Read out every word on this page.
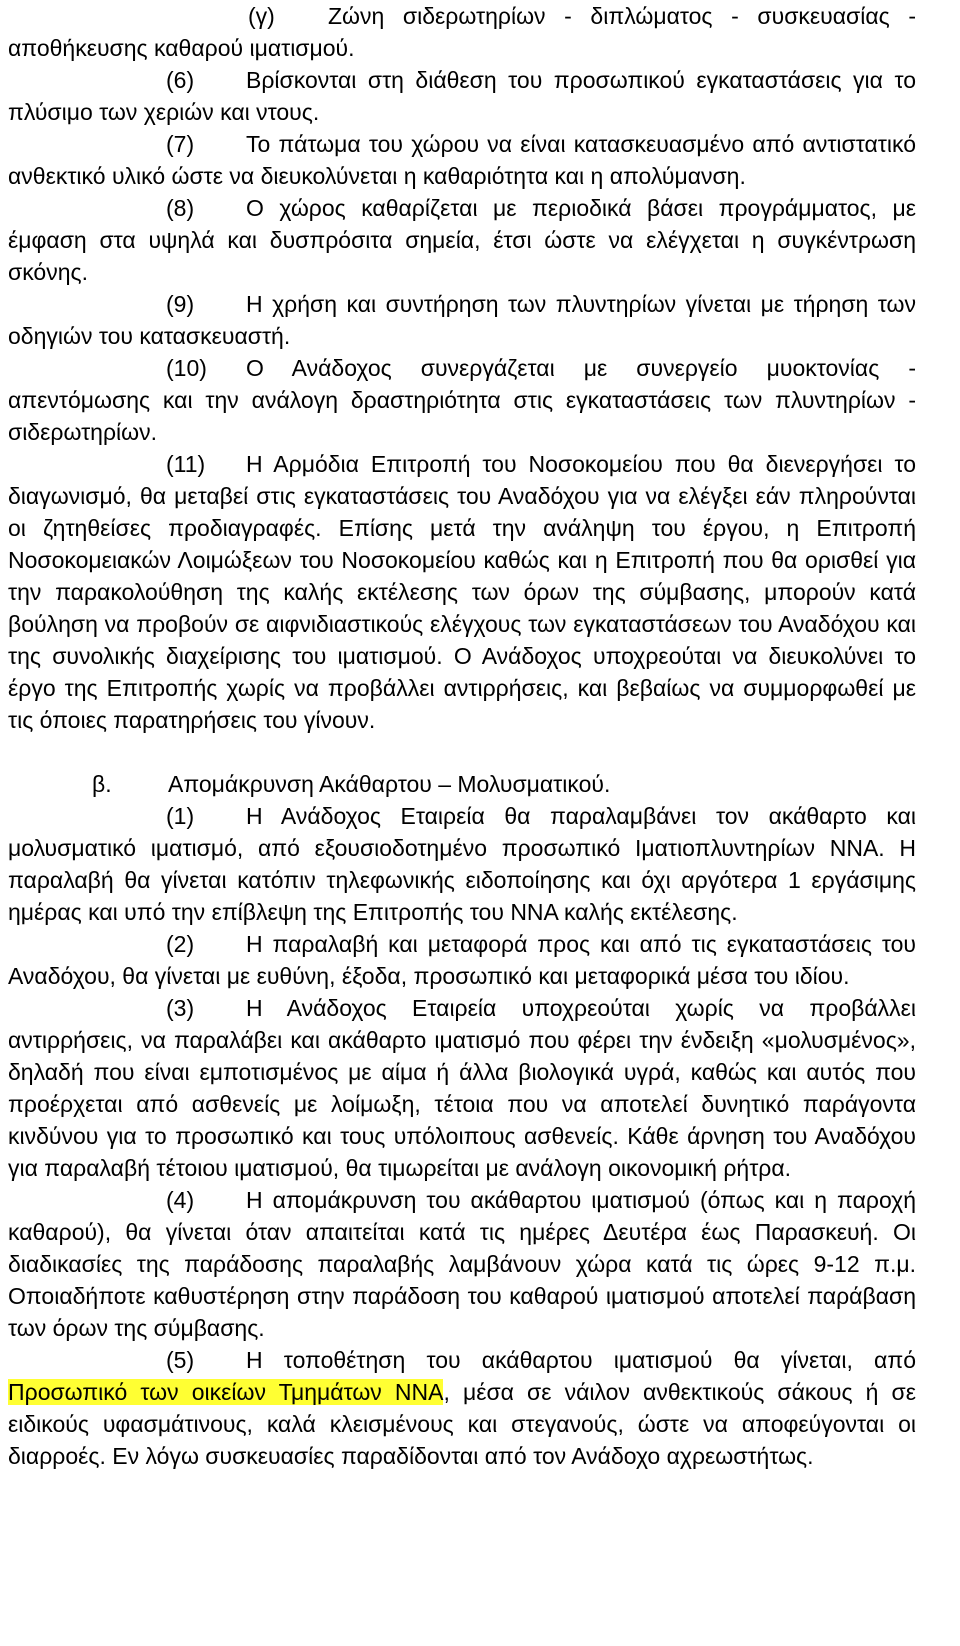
(γ) Ζώνη σιδερωτηρίων - διπλώματος - συσκευασίας - αποθήκευσης καθαρού ιματισμού.

(6) Βρίσκονται στη διάθεση του προσωπικού εγκαταστάσεις για το πλύσιμο των χεριών και ντους.

(7) Το πάτωμα του χώρου να είναι κατασκευασμένο από αντιστατικό ανθεκτικό υλικό ώστε να διευκολύνεται η καθαριότητα και η απολύμανση.

(8) Ο χώρος καθαρίζεται με περιοδικά βάσει προγράμματος, με έμφαση στα υψηλά και δυσπρόσιτα σημεία, έτσι ώστε να ελέγχεται η συγκέντρωση σκόνης.

(9) Η χρήση και συντήρηση των πλυντηρίων γίνεται με τήρηση των οδηγιών του κατασκευαστή.

(10) Ο Ανάδοχος συνεργάζεται με συνεργείο μυοκτονίας - απεντόμωσης και την ανάλογη δραστηριότητα στις εγκαταστάσεις των πλυντηρίων - σιδερωτηρίων.

(11) Η Αρμόδια Επιτροπή του Νοσοκομείου που θα διενεργήσει το διαγωνισμό, θα μεταβεί στις εγκαταστάσεις του Αναδόχου για να ελέγξει εάν πληρούνται οι ζητηθείσες προδιαγραφές. Επίσης μετά την ανάληψη του έργου, η Επιτροπή Νοσοκομειακών Λοιμώξεων του Νοσοκομείου καθώς και η Επιτροπή που θα ορισθεί για την παρακολούθηση της καλής εκτέλεσης των όρων της σύμβασης, μπορούν κατά βούληση να προβούν σε αιφνιδιαστικούς ελέγχους των εγκαταστάσεων του Αναδόχου και της συνολικής διαχείρισης του ιματισμού. Ο Ανάδοχος υποχρεούται να διευκολύνει το έργο της Επιτροπής χωρίς να προβάλλει αντιρρήσεις, και βεβαίως να συμμορφωθεί με τις όποιες παρατηρήσεις του γίνουν.

β. Απομάκρυνση Ακάθαρτου – Μολυσματικού.

(1) Η Ανάδοχος Εταιρεία θα παραλαμβάνει τον ακάθαρτο και μολυσματικό ιματισμό, από εξουσιοδοτημένο προσωπικό Ιματιοπλυντηρίων ΝΝΑ. Η παραλαβή θα γίνεται κατόπιν τηλεφωνικής ειδοποίησης και όχι αργότερα 1 εργάσιμης ημέρας και υπό την επίβλεψη της Επιτροπής του ΝΝΑ καλής εκτέλεσης.

(2) Η παραλαβή και μεταφορά προς και από τις εγκαταστάσεις του Αναδόχου, θα γίνεται με ευθύνη, έξοδα, προσωπικό και μεταφορικά μέσα του ιδίου.

(3) Η Ανάδοχος Εταιρεία υποχρεούται χωρίς να προβάλλει αντιρρήσεις, να παραλάβει και ακάθαρτο ιματισμό που φέρει την ένδειξη «μολυσμένος», δηλαδή που είναι εμποτισμένος με αίμα ή άλλα βιολογικά υγρά, καθώς και αυτός που προέρχεται από ασθενείς με λοίμωξη, τέτοια που να αποτελεί δυνητικό παράγοντα κινδύνου για το προσωπικό και τους υπόλοιπους ασθενείς. Κάθε άρνηση του Αναδόχου για παραλαβή τέτοιου ιματισμού, θα τιμωρείται με ανάλογη οικονομική ρήτρα.

(4) Η απομάκρυνση του ακάθαρτου ιματισμού (όπως και η παροχή καθαρού), θα γίνεται όταν απαιτείται κατά τις ημέρες Δευτέρα έως Παρασκευή. Οι διαδικασίες της παράδοσης παραλαβής λαμβάνουν χώρα κατά τις ώρες 9-12 π.μ. Οποιαδήποτε καθυστέρηση στην παράδοση του καθαρού ιματισμού αποτελεί παράβαση των όρων της σύμβασης.

(5) Η τοποθέτηση του ακάθαρτου ιματισμού θα γίνεται, από Προσωπικό των οικείων Τμημάτων ΝΝΑ, μέσα σε νάιλον ανθεκτικούς σάκους ή σε ειδικούς υφασμάτινους, καλά κλεισμένους και στεγανούς, ώστε να αποφεύγονται οι διαρροές. Εν λόγω συσκευασίες παραδίδονται από τον Ανάδοχο αχρεωστήτως.
